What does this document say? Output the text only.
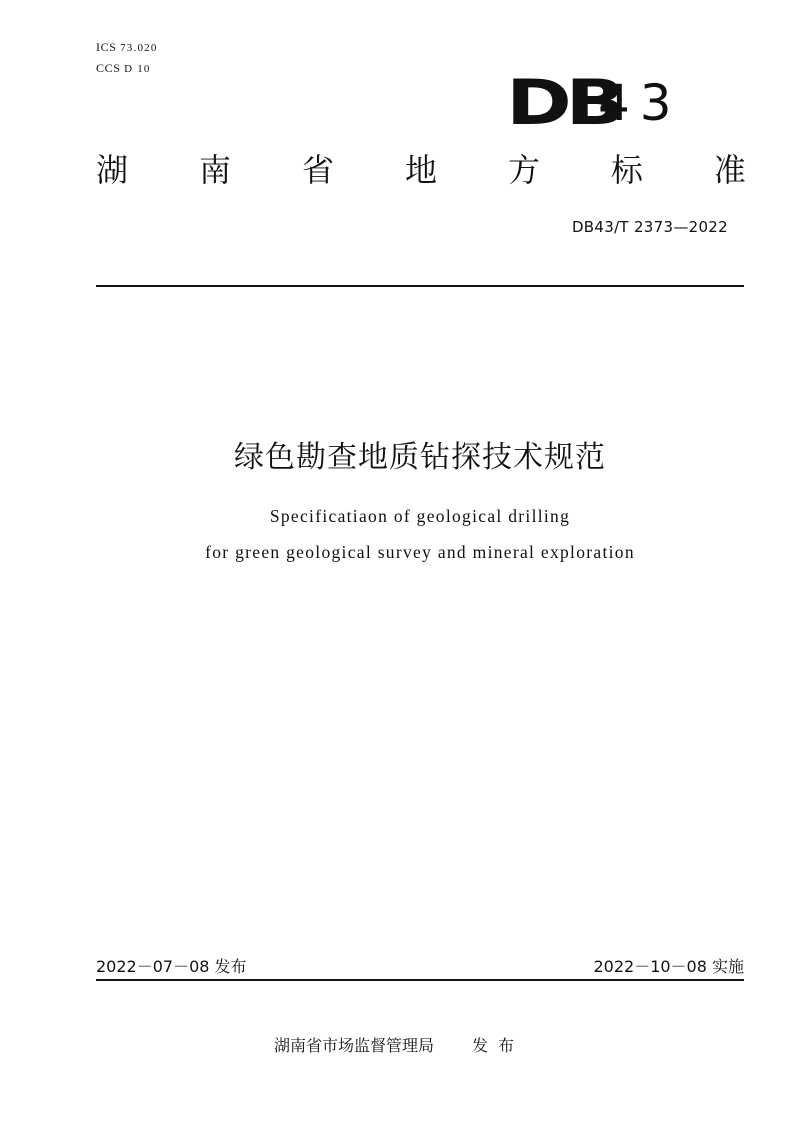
ICS 73.020
CCS D 10	DB
43
湖 南 省 地 方 标 准
DB43/T 2373—2022
绿色勘查地质钻探技术规范
Specificatiaon of geological drilling
for green geological survey and mineral exploration
2022－07－08 发布	2022－10－08 实施
湖南省市场监督管理局 发布
